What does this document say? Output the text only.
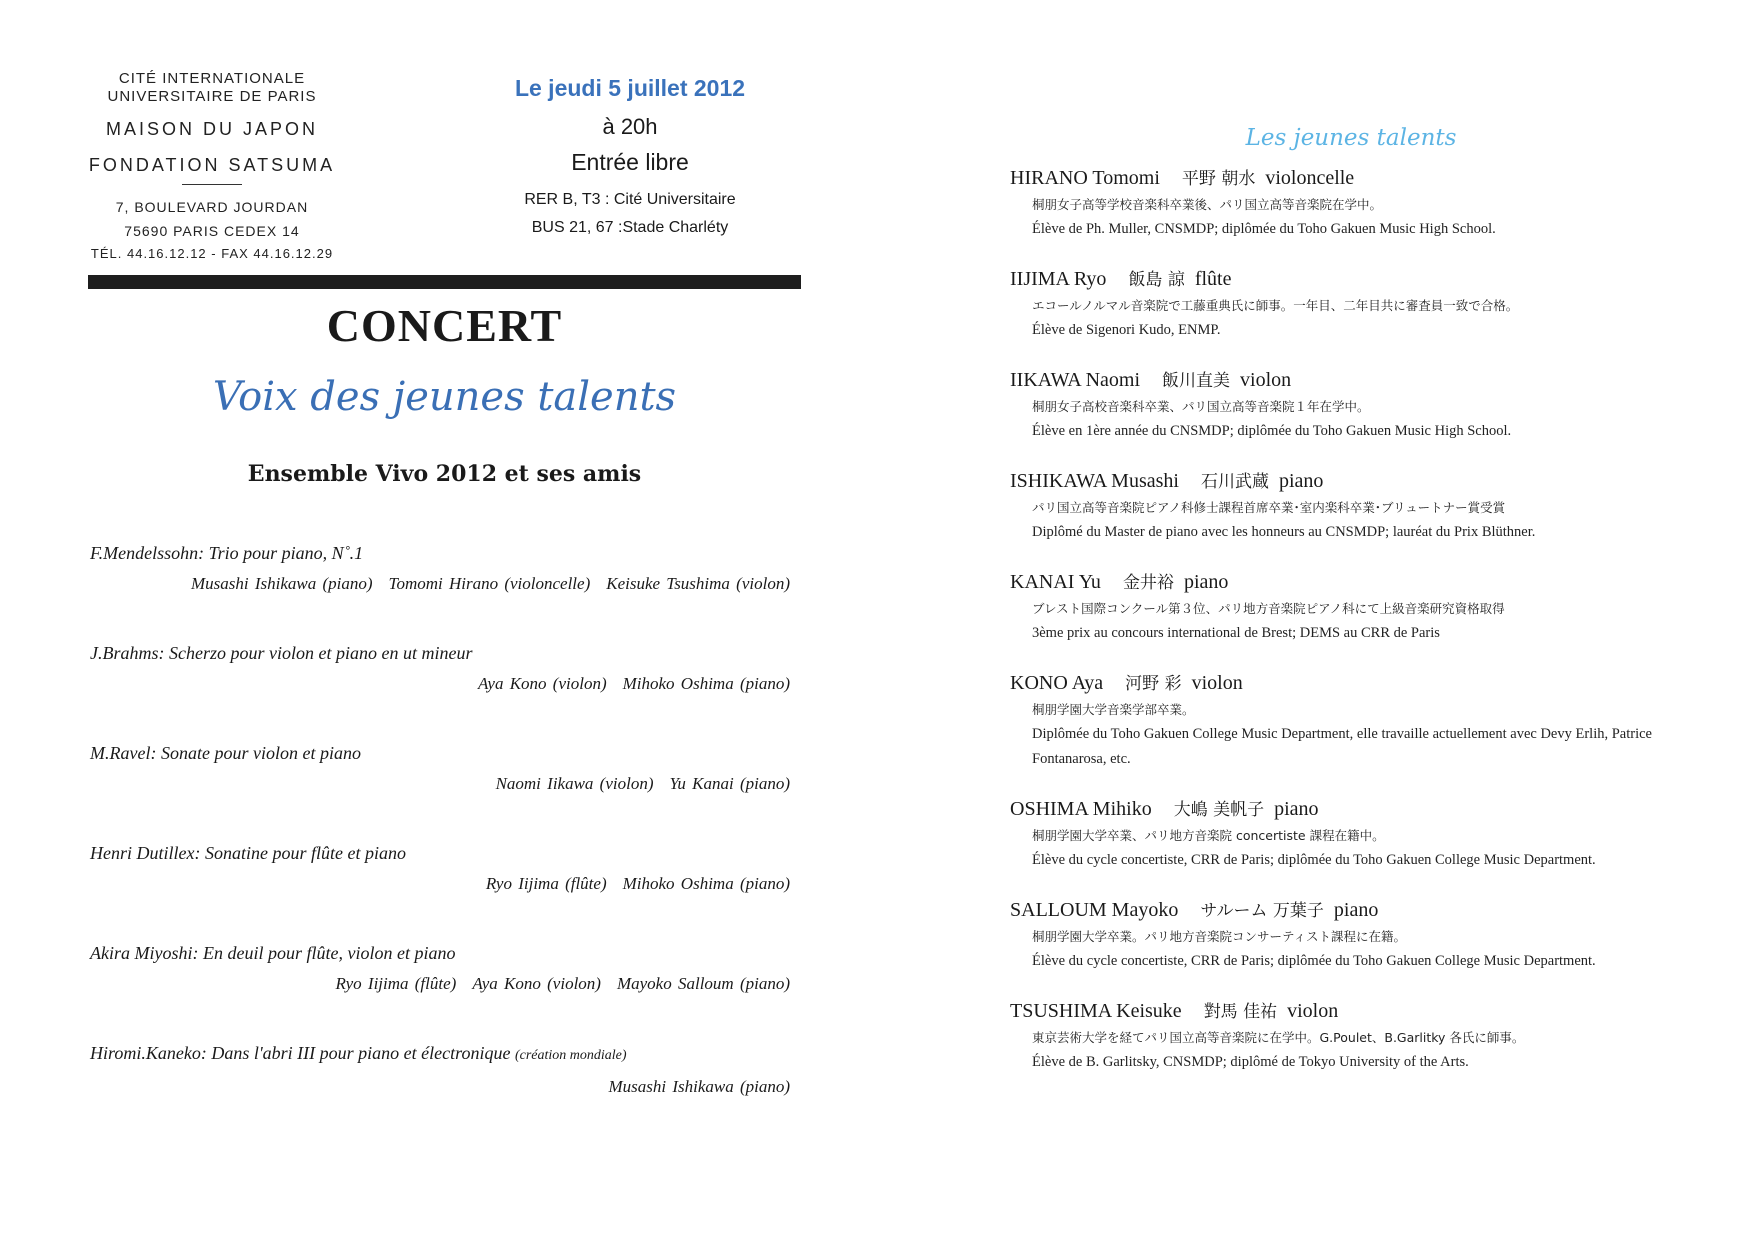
CITÉ INTERNATIONALE
UNIVERSITAIRE DE PARIS
MAISON DU JAPON
FONDATION SATSUMA
7, BOULEVARD JOURDAN
75690 PARIS CEDEX 14
TÉL. 44.16.12.12 - FAX 44.16.12.29
Le jeudi 5 juillet 2012
à 20h
Entrée libre
RER B, T3 : Cité Universitaire
BUS 21, 67 :Stade Charléty
CONCERT
Voix des jeunes talents
Ensemble Vivo 2012 et ses amis
F.Mendelssohn: Trio pour piano, N˚.1
Musashi Ishikawa (piano) Tomomi Hirano (violoncelle) Keisuke Tsushima (violon)
J.Brahms: Scherzo pour violon et piano en ut mineur
Aya Kono (violon) Mihoko Oshima (piano)
M.Ravel: Sonate pour violon et piano
Naomi Iikawa (violon) Yu Kanai (piano)
Henri Dutillex: Sonatine pour flûte et piano
Ryo Iijima (flûte) Mihoko Oshima (piano)
Akira Miyoshi: En deuil pour flûte, violon et piano
Ryo Iijima (flûte) Aya Kono (violon) Mayoko Salloum (piano)
Hiromi.Kaneko: Dans l'abri III pour piano et électronique (création mondiale)
Musashi Ishikawa (piano)
Les jeunes talents
HIRANO Tomomi 平野 朝水 violoncelle
桐朋女子高等学校音楽科卒業後、パリ国立高等音楽院在学中。
Élève de Ph. Muller, CNSMDP; diplômée du Toho Gakuen Music High School.
IIJIMA Ryo 飯島 諒 flûte
エコールノルマル音楽院で工藤重典氏に師事。一年目、二年目共に審査員一致で合格。
Élève de Sigenori Kudo, ENMP.
IIKAWA Naomi 飯川直美 violon
桐朋女子高校音楽科卒業、パリ国立高等音楽院１年在学中。
Élève en 1ère année du CNSMDP; diplômée du Toho Gakuen Music High School.
ISHIKAWA Musashi 石川武蔵 piano
パリ国立高等音楽院ピアノ科修士課程首席卒業･室内楽科卒業･ブリュートナー賞受賞
Diplômé du Master de piano avec les honneurs au CNSMDP; lauréat du Prix Blüthner.
KANAI Yu 金井裕 piano
ブレスト国際コンクール第３位、パリ地方音楽院ピアノ科にて上級音楽研究資格取得
3ème prix au concours international de Brest; DEMS au CRR de Paris
KONO Aya 河野 彩 violon
桐朋学園大学音楽学部卒業。
Diplômée du Toho Gakuen College Music Department, elle travaille actuellement avec Devy Erlih, Patrice Fontanarosa, etc.
OSHIMA Mihiko 大嶋 美帆子 piano
桐朋学園大学卒業、パリ地方音楽院 concertiste 課程在籍中。
Élève du cycle concertiste, CRR de Paris; diplômée du Toho Gakuen College Music Department.
SALLOUM Mayoko サルーム 万葉子 piano
桐朋学園大学卒業。パリ地方音楽院コンサーティスト課程に在籍。
Élève du cycle concertiste, CRR de Paris; diplômée du Toho Gakuen College Music Department.
TSUSHIMA Keisuke 對馬 佳祐 violon
東京芸術大学を経てパリ国立高等音楽院に在学中。G.Poulet、B.Garlitky 各氏に師事。
Élève de B. Garlitsky, CNSMDP; diplômé de Tokyo University of the Arts.
